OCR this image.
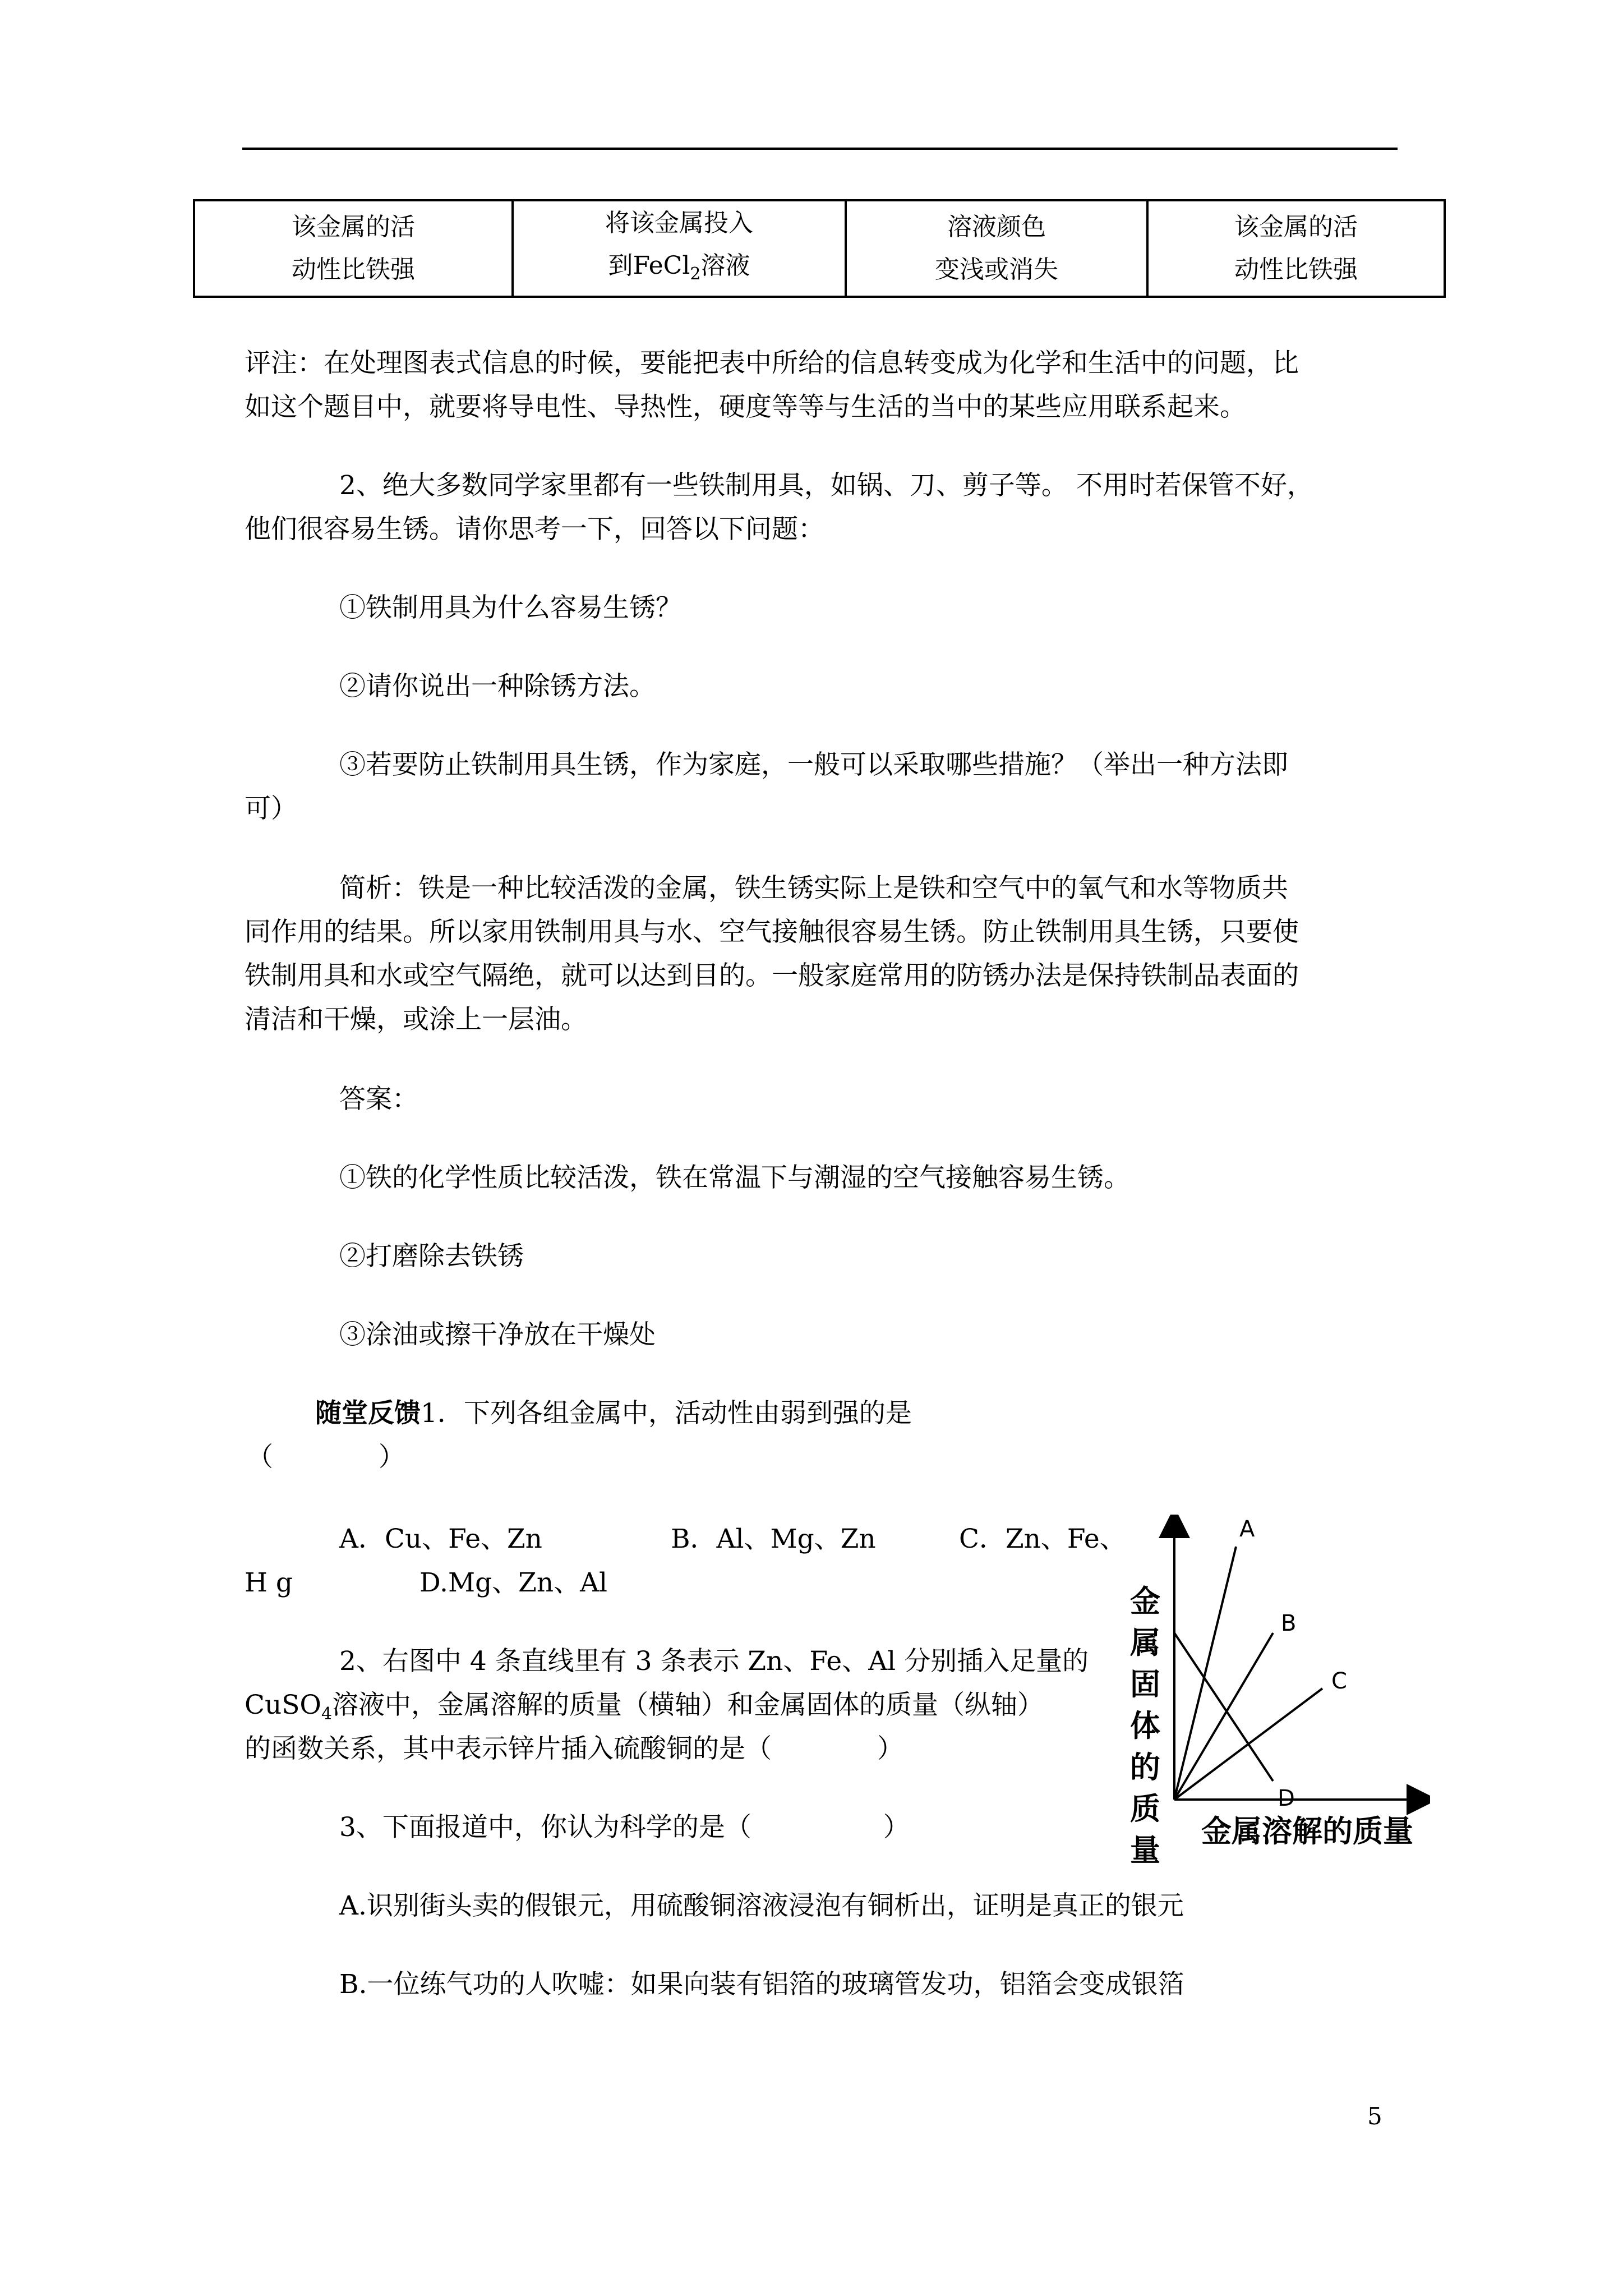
该金属的活
动性比铁强

将该金属投入
到FeCl$_2$溶液

溶液颜色
变浅或消失

该金属的活
动性比铁强
评注：在处理图表式信息的时候，要能把表中所给的信息转变成为化学和生活中的问题，比
如这个题目中，就要将导电性、导热性，硬度等等与生活的当中的某些应用联系起来。
2、绝大多数同学家里都有一些铁制用具，如锅、刀、剪子等。 不用时若保管不好，
他们很容易生锈。请你思考一下，回答以下问题：
①铁制用具为什么容易生锈？
②请你说出一种除锈方法。
③若要防止铁制用具生锈，作为家庭，一般可以采取哪些措施？（举出一种方法即
可）
简析：铁是一种比较活泼的金属，铁生锈实际上是铁和空气中的氧气和水等物质共
同作用的结果。所以家用铁制用具与水、空气接触很容易生锈。防止铁制用具生锈，只要使
铁制用具和水或空气隔绝，就可以达到目的。一般家庭常用的防锈办法是保持铁制品表面的
清洁和干燥，或涂上一层油。
答案：
①铁的化学性质比较活泼，铁在常温下与潮湿的空气接触容易生锈。
②打磨除去铁锈
③涂油或擦干净放在干燥处
随堂反馈1．下列各组金属中，活动性由弱到强的是
（　　　　）
A．Cu、Fe、Zn	B．Al、Mg、Zn	C．Zn、Fe、
H g	D.Mg、Zn、Al
2、右图中 4 条直线里有 3 条表示 Zn、Fe、Al 分别插入足量的
CuSO$_4$溶液中，金属溶解的质量（横轴）和金属固体的质量（纵轴）
的函数关系，其中表示锌片插入硫酸铜的是（　　　　）
3、下面报道中，你认为科学的是（　　　　　）
A.识别街头卖的假银元，用硫酸铜溶液浸泡有铜析出，证明是真正的银元
B.一位练气功的人吹嘘：如果向装有铝箔的玻璃管发功，铝箔会变成银箔
A
B
C
D
金属固体的质量
金属溶解的质量
5
